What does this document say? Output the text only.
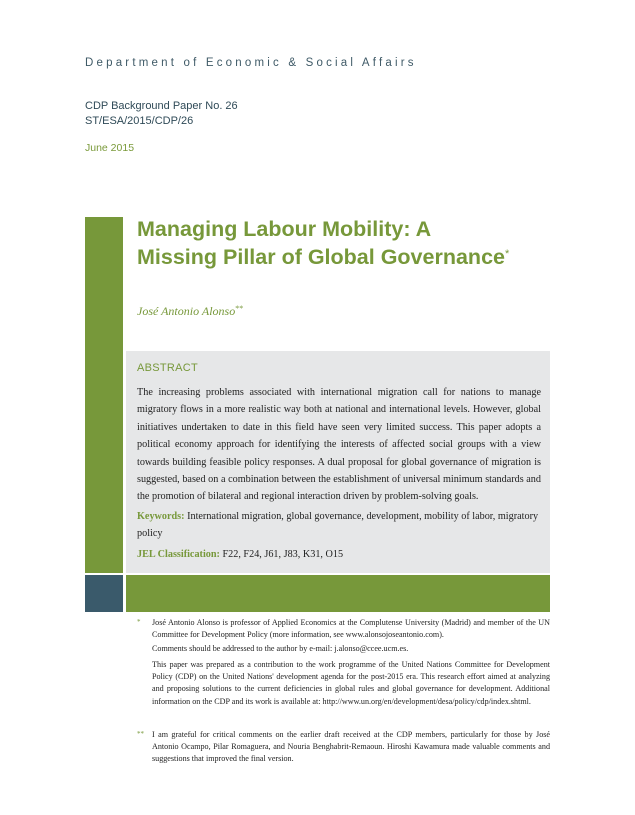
Department of Economic & Social Affairs
CDP Background Paper No. 26
ST/ESA/2015/CDP/26
June 2015
Managing Labour Mobility: A
Missing Pillar of Global Governance*
José Antonio Alonso**
ABSTRACT
The increasing problems associated with international migration call for nations to manage migratory flows in a more realistic way both at national and international levels. However, global initiatives undertaken to date in this field have seen very limited success. This paper adopts a political economy approach for identifying the interests of affected social groups with a view towards building feasible policy responses. A dual proposal for global governance of migration is suggested, based on a combination between the establishment of universal minimum standards and the promotion of bilateral and regional interaction driven by problem-solving goals.
Keywords: International migration, global governance, development, mobility of labor, migratory policy
JEL Classification: F22, F24, J61, J83, K31, O15
* José Antonio Alonso is professor of Applied Economics at the Complutense University (Madrid) and member of the UN Committee for Development Policy (more information, see www.alonsojoseantonio.com).
Comments should be addressed to the author by e-mail: j.alonso@ccee.ucm.es.
This paper was prepared as a contribution to the work programme of the United Nations Committee for Development Policy (CDP) on the United Nations' development agenda for the post-2015 era. This research effort aimed at analyzing and proposing solutions to the current deficiencies in global rules and global governance for development. Additional information on the CDP and its work is available at: http://www.un.org/en/development/desa/policy/cdp/index.shtml.
** I am grateful for critical comments on the earlier draft received at the CDP members, particularly for those by José Antonio Ocampo, Pilar Romaguera, and Nouria Benghabrit-Remaoun. Hiroshi Kawamura made valuable comments and suggestions that improved the final version.
